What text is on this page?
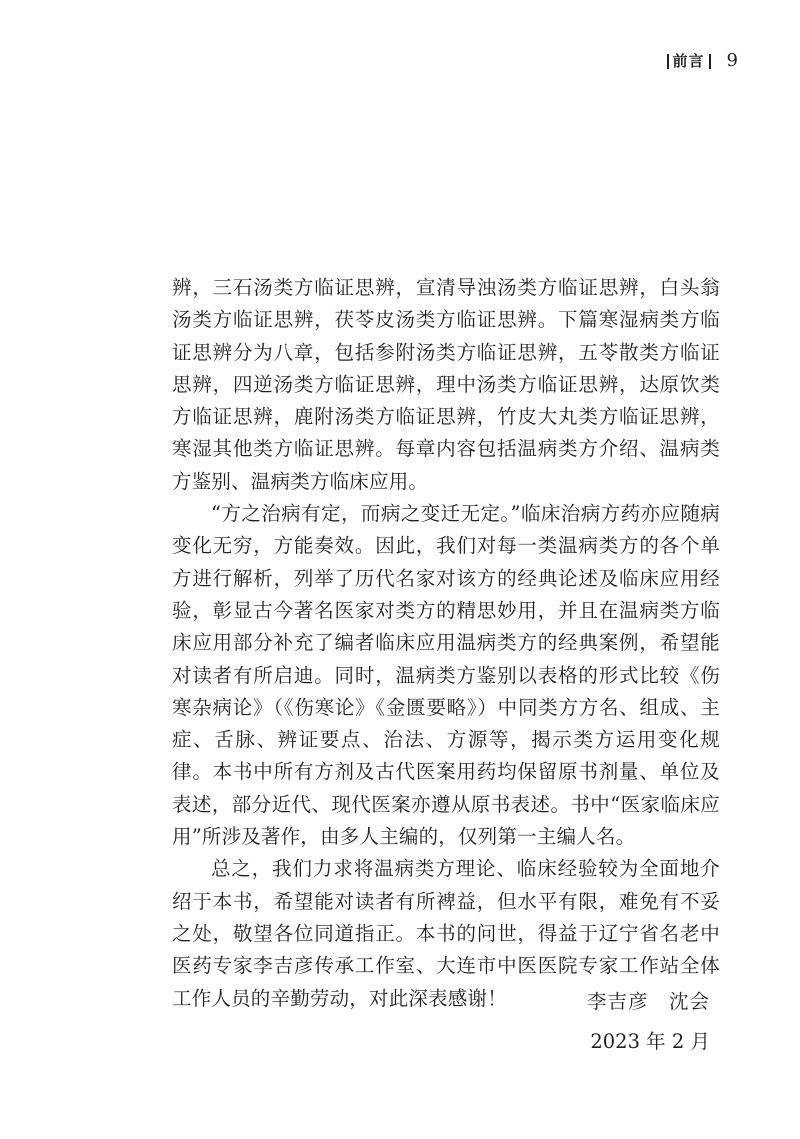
前言 9

辨，三石汤类方临证思辨，宣清导浊汤类方临证思辨，白头翁汤类方临证思辨，茯苓皮汤类方临证思辨。下篇寒湿病类方临证思辨分为八章，包括参附汤类方临证思辨，五苓散类方临证思辨，四逆汤类方临证思辨，理中汤类方临证思辨，达原饮类方临证思辨，鹿附汤类方临证思辨，竹皮大丸类方临证思辨，寒湿其他类方临证思辨。每章内容包括温病类方介绍、温病类方鉴别、温病类方临床应用。

“方之治病有定，而病之变迁无定。”临床治病方药亦应随病变化无穷，方能奏效。因此，我们对每一类温病类方的各个单方进行解析，列举了历代名家对该方的经典论述及临床应用经验，彰显古今著名医家对类方的精思妙用，并且在温病类方临床应用部分补充了编者临床应用温病类方的经典案例，希望能对读者有所启迪。同时，温病类方鉴别以表格的形式比较《伤寒杂病论》（《伤寒论》《金匮要略》）中同类方方名、组成、主症、舌脉、辨证要点、治法、方源等，揭示类方运用变化规律。本书中所有方剂及古代医案用药均保留原书剂量、单位及表述，部分近代、现代医案亦遵从原书表述。书中“医家临床应用”所涉及著作，由多人主编的，仅列第一主编人名。

总之，我们力求将温病类方理论、临床经验较为全面地介绍于本书，希望能对读者有所裨益，但水平有限，难免有不妥之处，敬望各位同道指正。本书的问世，得益于辽宁省名老中医药专家李吉彦传承工作室、大连市中医医院专家工作站全体工作人员的辛勤劳动，对此深表感谢！	李吉彦　沈会
2023 年 2 月
